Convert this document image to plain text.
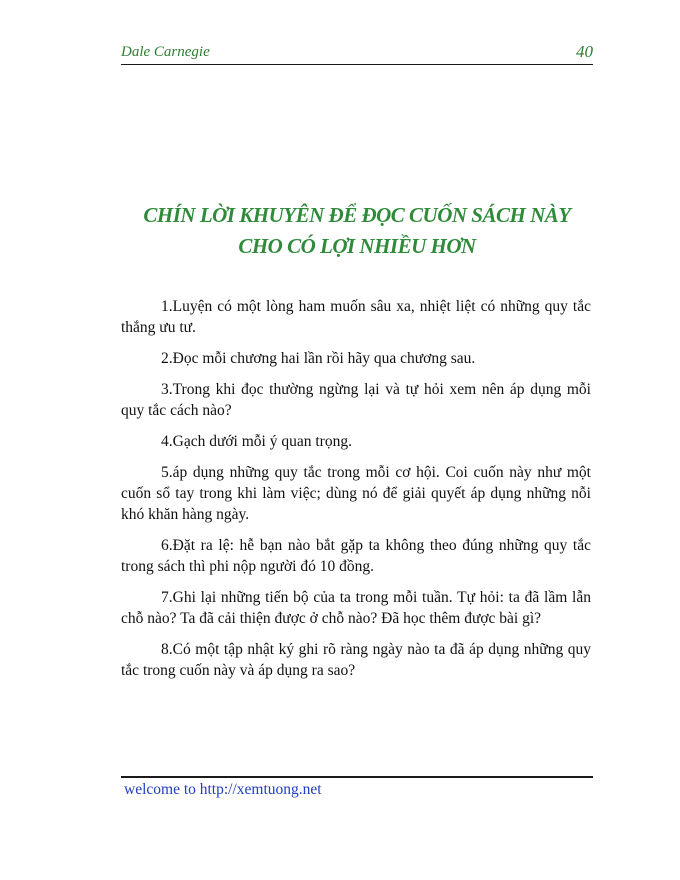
Dale Carnegie	40
CHÍN LỜI KHUYÊN ĐỂ ĐỌC CUỐN SÁCH NÀY
CHO CÓ LỢI NHIỀU HƠN

1.Luyện có một lòng ham muốn sâu xa, nhiệt liệt có những quy tắc thắng ưu tư.

2.Đọc mỗi chương hai lần rồi hãy qua chương sau.

3.Trong khi đọc thường ngừng lại và tự hỏi xem nên áp dụng mỗi quy tắc cách nào?

4.Gạch dưới mỗi ý quan trọng.

5.áp dụng những quy tắc trong mỗi cơ hội. Coi cuốn này như một cuốn sổ tay trong khi làm việc; dùng nó để giải quyết áp dụng những nỗi khó khăn hàng ngày.

6.Đặt ra lệ: hễ bạn nào bắt gặp ta không theo đúng những quy tắc trong sách thì phi nộp người đó 10 đồng.

7.Ghi lại những tiến bộ của ta trong mỗi tuần. Tự hỏi: ta đã lầm lẫn chỗ nào? Ta đã cải thiện được ở chỗ nào? Đã học thêm được bài gì?

8.Có một tập nhật ký ghi rõ ràng ngày nào ta đã áp dụng những quy tắc trong cuốn này và áp dụng ra sao?

welcome to http://xemtuong.net
